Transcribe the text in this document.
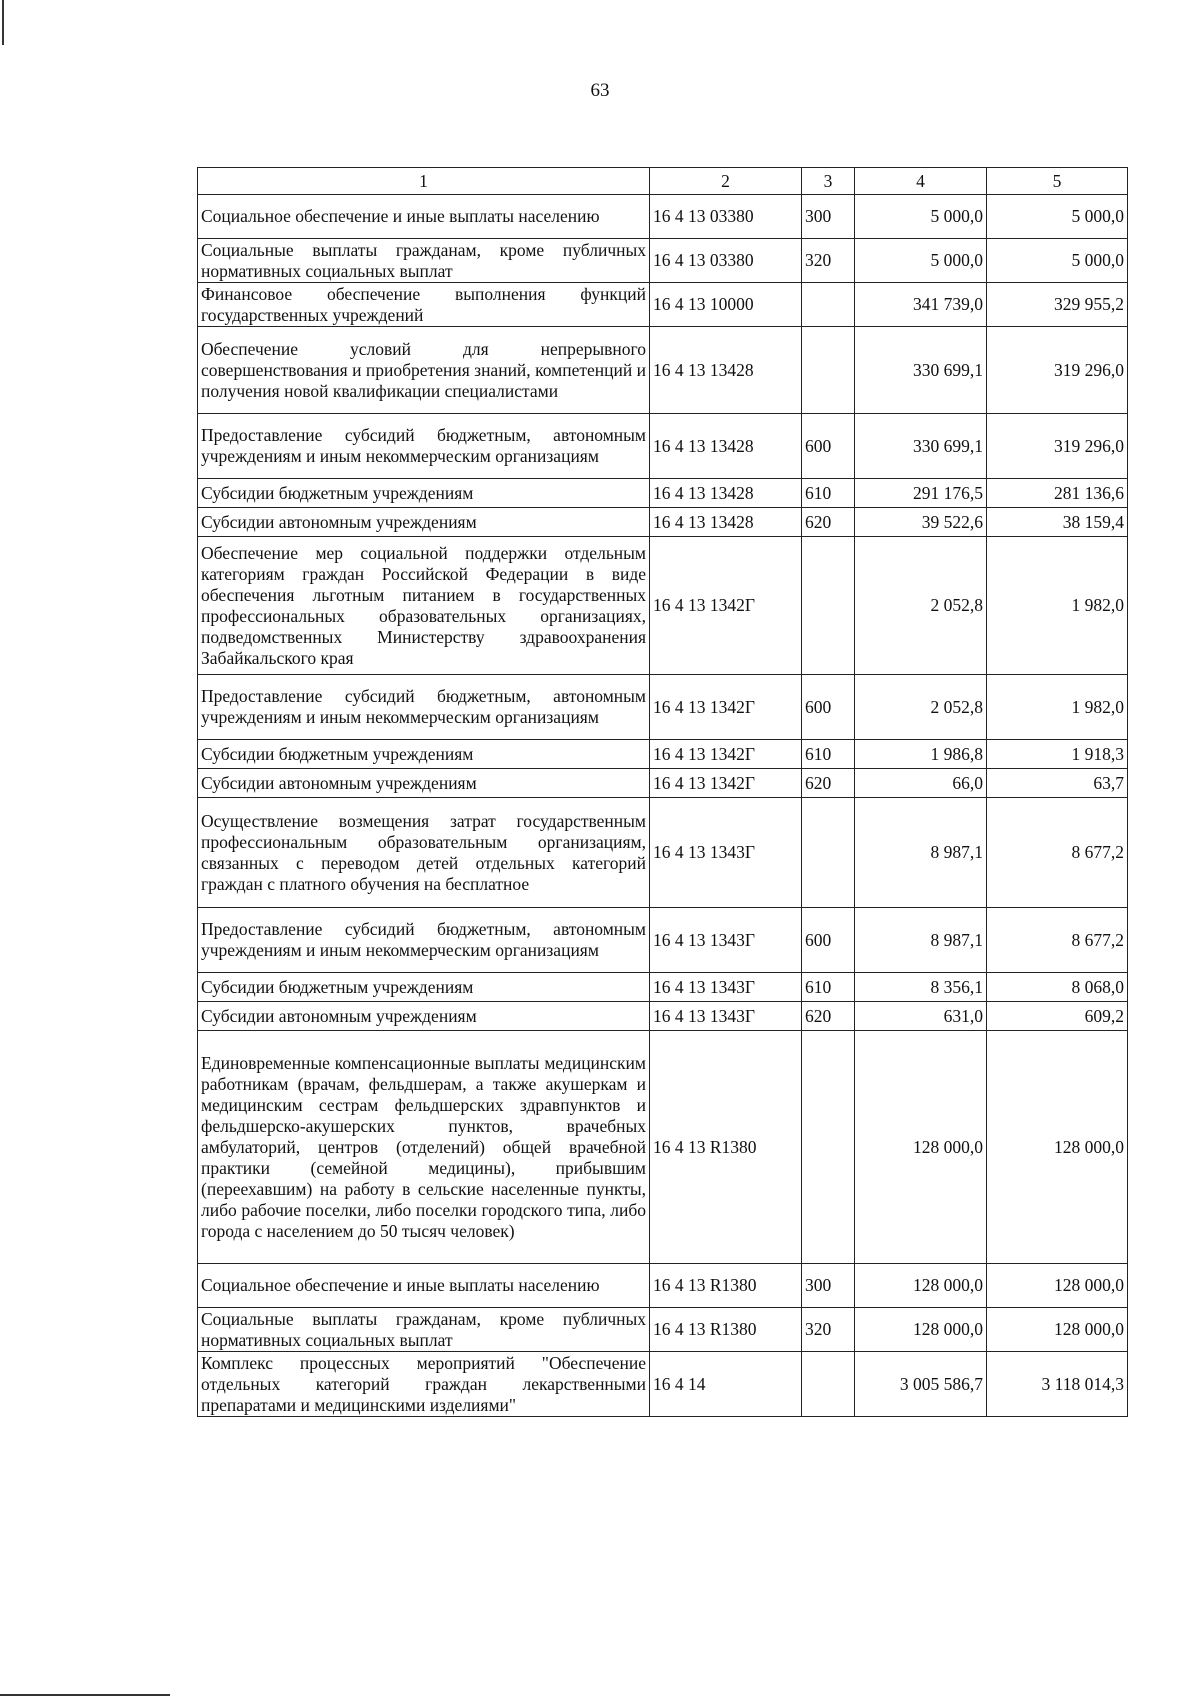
63
1	2	3	4	5
Социальное обеспечение и иные выплаты населению	16 4 13 03380	300	5 000,0	5 000,0
Социальные выплаты гражданам, кроме публичных нормативных социальных выплат	16 4 13 03380	320	5 000,0	5 000,0
Финансовое обеспечение выполнения функций государственных учреждений	16 4 13 10000		341 739,0	329 955,2
Обеспечение условий для непрерывного совершенствования и приобретения знаний, компетенций и получения новой квалификации специалистами	16 4 13 13428		330 699,1	319 296,0
Предоставление субсидий бюджетным, автономным учреждениям и иным некоммерческим организациям	16 4 13 13428	600	330 699,1	319 296,0
Субсидии бюджетным учреждениям	16 4 13 13428	610	291 176,5	281 136,6
Субсидии автономным учреждениям	16 4 13 13428	620	39 522,6	38 159,4
Обеспечение мер социальной поддержки отдельным категориям граждан Российской Федерации в виде обеспечения льготным питанием в государственных профессиональных образовательных организациях, подведомственных Министерству здравоохранения Забайкальского края	16 4 13 1342Г		2 052,8	1 982,0
Предоставление субсидий бюджетным, автономным учреждениям и иным некоммерческим организациям	16 4 13 1342Г	600	2 052,8	1 982,0
Субсидии бюджетным учреждениям	16 4 13 1342Г	610	1 986,8	1 918,3
Субсидии автономным учреждениям	16 4 13 1342Г	620	66,0	63,7
Осуществление возмещения затрат государственным профессиональным образовательным организациям, связанных с переводом детей отдельных категорий граждан с платного обучения на бесплатное	16 4 13 1343Г		8 987,1	8 677,2
Предоставление субсидий бюджетным, автономным учреждениям и иным некоммерческим организациям	16 4 13 1343Г	600	8 987,1	8 677,2
Субсидии бюджетным учреждениям	16 4 13 1343Г	610	8 356,1	8 068,0
Субсидии автономным учреждениям	16 4 13 1343Г	620	631,0	609,2
Единовременные компенсационные выплаты медицинским работникам (врачам, фельдшерам, а также акушеркам и медицинским сестрам фельдшерских здравпунктов и фельдшерско-акушерских пунктов, врачебных амбулаторий, центров (отделений) общей врачебной практики (семейной медицины), прибывшим (переехавшим) на работу в сельские населенные пункты, либо рабочие поселки, либо поселки городского типа, либо города с населением до 50 тысяч человек)	16 4 13 R1380		128 000,0	128 000,0
Социальное обеспечение и иные выплаты населению	16 4 13 R1380	300	128 000,0	128 000,0
Социальные выплаты гражданам, кроме публичных нормативных социальных выплат	16 4 13 R1380	320	128 000,0	128 000,0
Комплекс процессных мероприятий "Обеспечение отдельных категорий граждан лекарственными препаратами и медицинскими изделиями"	16 4 14		3 005 586,7	3 118 014,3
